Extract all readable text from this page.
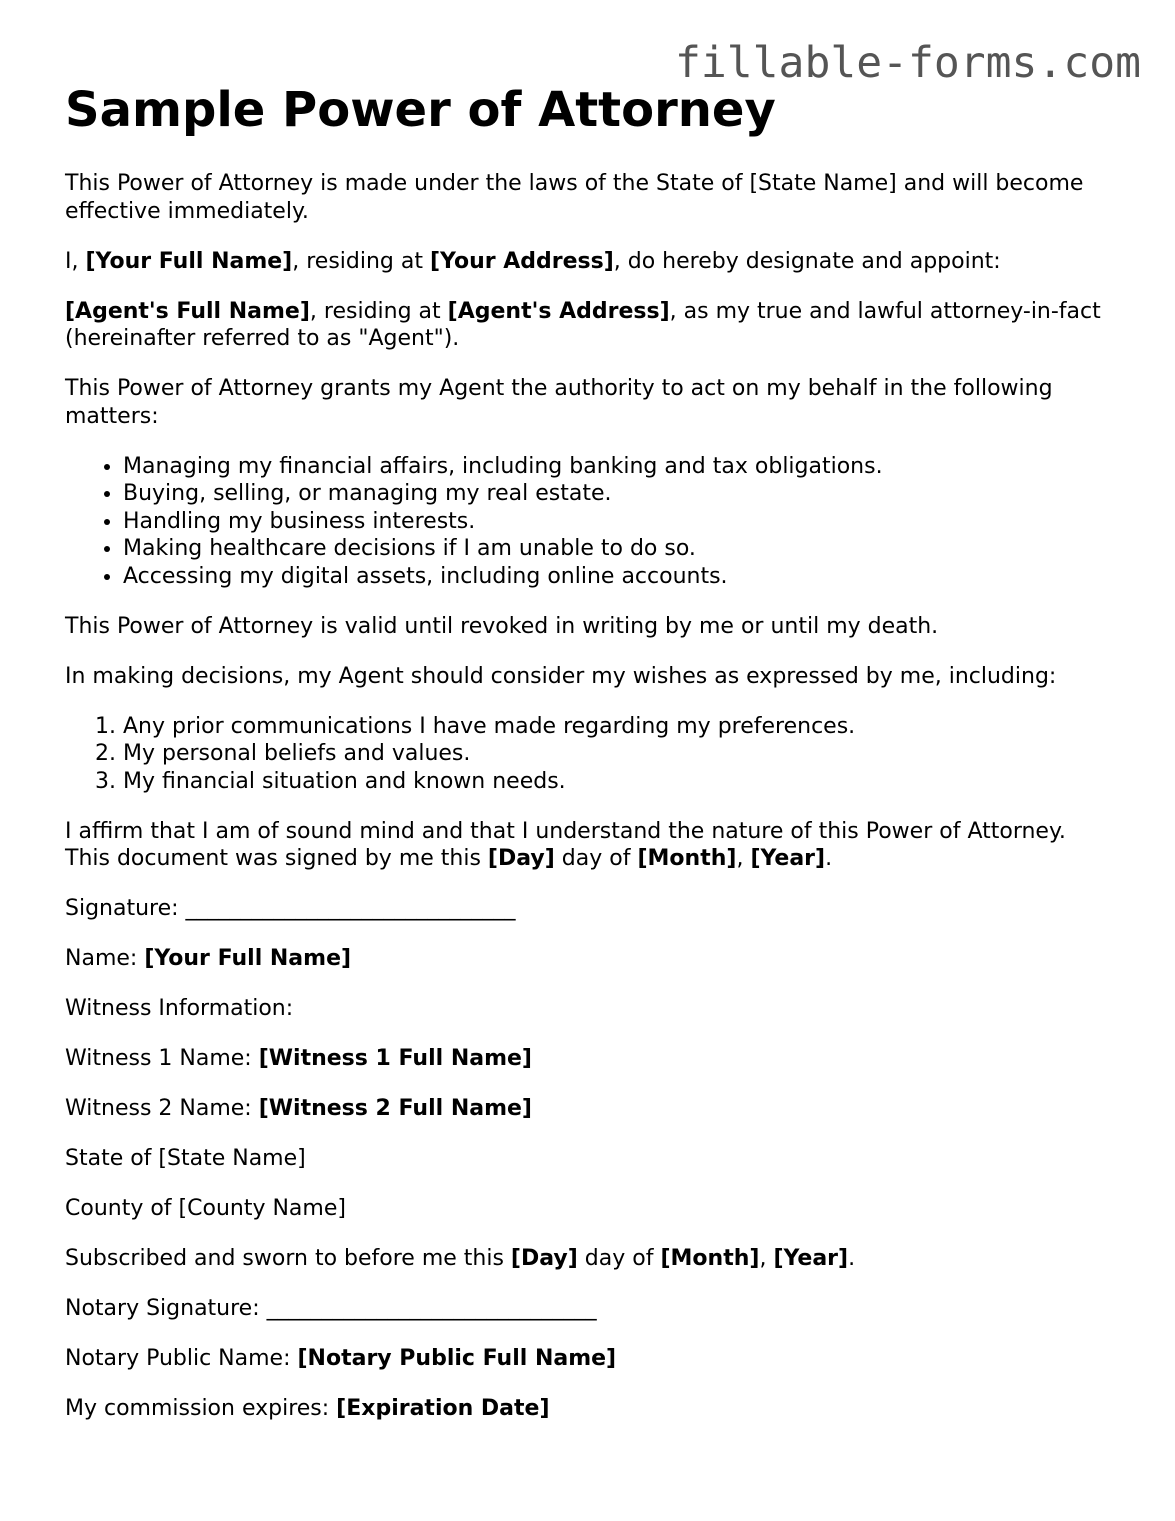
fillable-forms.com
Sample Power of Attorney

This Power of Attorney is made under the laws of the State of [State Name] and will become effective immediately.

I, [Your Full Name], residing at [Your Address], do hereby designate and appoint:

[Agent's Full Name], residing at [Agent's Address], as my true and lawful attorney-in-fact (hereinafter referred to as "Agent").

This Power of Attorney grants my Agent the authority to act on my behalf in the following matters:

• Managing my financial affairs, including banking and tax obligations.
• Buying, selling, or managing my real estate.
• Handling my business interests.
• Making healthcare decisions if I am unable to do so.
• Accessing my digital assets, including online accounts.

This Power of Attorney is valid until revoked in writing by me or until my death.

In making decisions, my Agent should consider my wishes as expressed by me, including:

1. Any prior communications I have made regarding my preferences.
2. My personal beliefs and values.
3. My financial situation and known needs.

I affirm that I am of sound mind and that I understand the nature of this Power of Attorney. This document was signed by me this [Day] day of [Month], [Year].

Signature: ______________________________

Name: [Your Full Name]

Witness Information:

Witness 1 Name: [Witness 1 Full Name]

Witness 2 Name: [Witness 2 Full Name]

State of [State Name]

County of [County Name]

Subscribed and sworn to before me this [Day] day of [Month], [Year].

Notary Signature: ______________________________

Notary Public Name: [Notary Public Full Name]

My commission expires: [Expiration Date]
